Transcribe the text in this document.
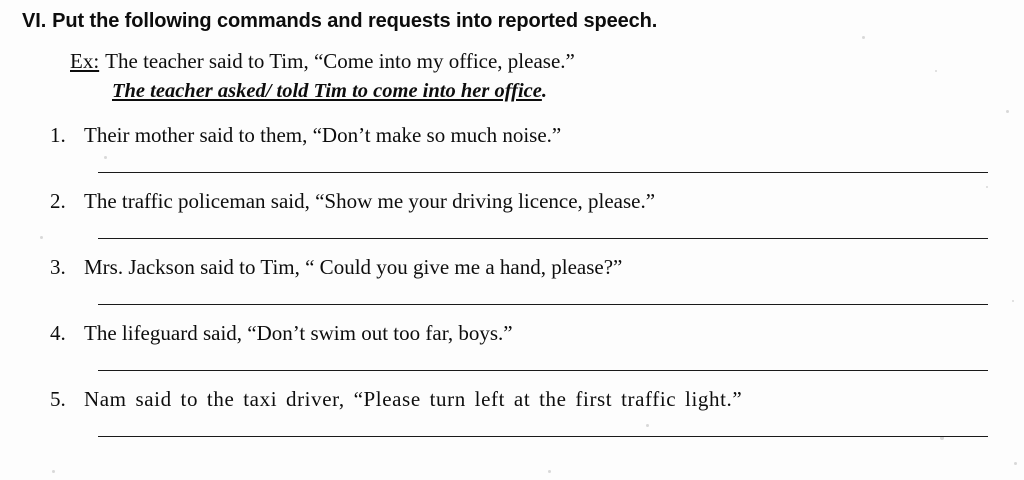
VI. Put the following commands and requests into reported speech.
Ex: The teacher said to Tim, “Come into my office, please.”
The teacher asked/ told Tim to come into her office.
1. Their mother said to them, “Don’t make so much noise.”
2. The traffic policeman said, “Show me your driving licence, please.”
3. Mrs. Jackson said to Tim, “ Could you give me a hand, please?”
4. The lifeguard said, “Don’t swim out too far, boys.”
5. Nam said to the taxi driver, “Please turn left at the first traffic light.”
